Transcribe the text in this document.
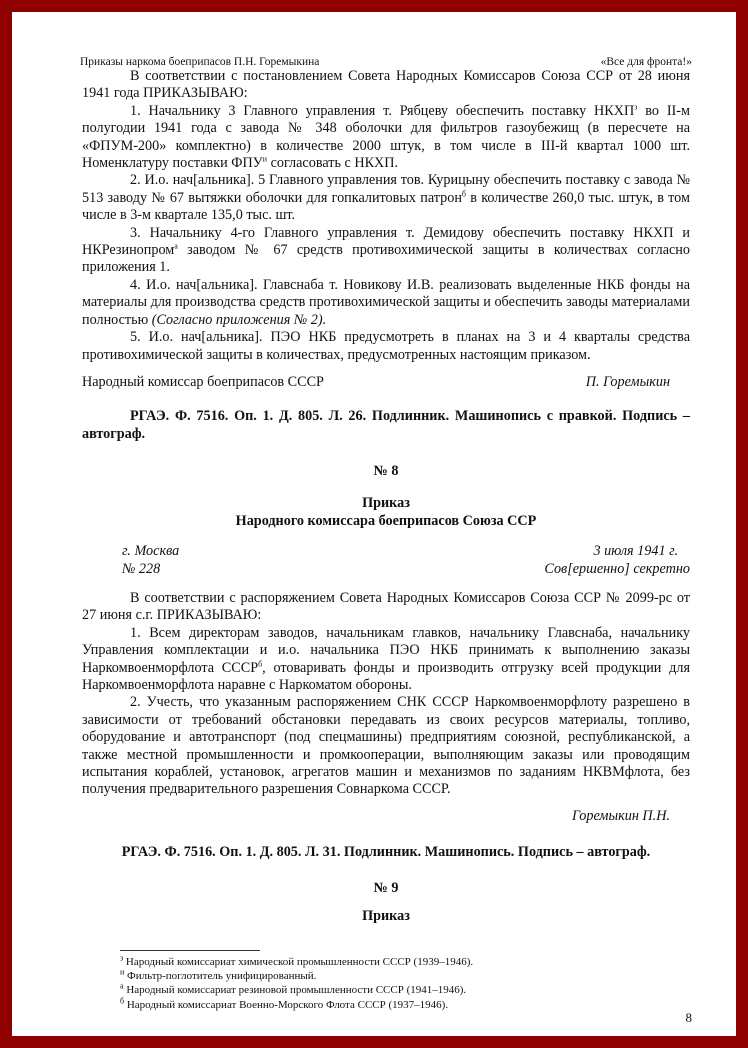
Приказы наркома боеприпасов П.Н. Горемыкина	«Все для фронта!»

В соответствии с постановлением Совета Народных Комиссаров Союза ССР от 28 июня 1941 года ПРИКАЗЫВАЮ:

1. Начальнику 3 Главного управления т. Рябцеву обеспечить поставку $НКХП^з$ во II-м полугодии 1941 года с завода № 348 оболочки для фильтров газоубежищ (в пересчете на «ФПУМ-200» комплектно) в количестве 2000 штук, в том числе в III-й квартал 1000 шт. Номенклатуру поставки $ФПУ^и$ согласовать с НКХП.

2. И.о. нач[альника]. 5 Главного управления тов. Курицыну обеспечить поставку с завода № 513 заводу № 67 вытяжки оболочки для гопкалитовых патрон$^б$ в количестве 260,0 тыс. штук, в том числе в 3-м квартале 135,0 тыс. шт.

3. Начальнику 4-го Главного управления т. Демидову обеспечить поставку НКХП и НКРезинопром$^а$ заводом № 67 средств противохимической защиты в количествах согласно приложения 1.

4. И.о. нач[альника]. Главснаба т. Новикову И.В. реализовать выделенные НКБ фонды на материалы для производства средств противохимической защиты и обеспечить заводы материалами полностью (Согласно приложения № 2).

5. И.о. нач[альника]. ПЭО НКБ предусмотреть в планах на 3 и 4 кварталы средства противохимической защиты в количествах, предусмотренных настоящим приказом.

Народный комиссар боеприпасов СССР	П. Горемыкин
РГАЭ. Ф. 7516. Оп. 1. Д. 805. Л. 26. Подлинник. Машинопись с правкой. Подпись – автограф.
№ 8
Приказ
Народного комиссара боеприпасов Союза ССР
г. Москва	3 июля 1941 г.
№ 228	Сов[ершенно] секретно

В соответствии с распоряжением Совета Народных Комиссаров Союза ССР № 2099-рс от 27 июня с.г. ПРИКАЗЫВАЮ:

1. Всем директорам заводов, начальникам главков, начальнику Главснаба, начальнику Управления комплектации и и.о. начальника ПЭО НКБ принимать к выполнению заказы Наркомвоенморфлота $СССР^б$, отоваривать фонды и производить отгрузку всей продукции для Наркомвоенморфлота наравне с Наркоматом обороны.

2. Учесть, что указанным распоряжением СНК СССР Наркомвоенморфлоту разрешено в зависимости от требований обстановки передавать из своих ресурсов материалы, топливо, оборудование и автотранспорт (под спецмашины) предприятиям союзной, республиканской, а также местной промышленности и промкооперации, выполняющим заказы или проводящим испытания кораблей, установок, агрегатов машин и механизмов по заданиям НКВМфлота, без получения предварительного разрешения Совнаркома СССР.

Горемыкин П.Н.
РГАЭ. Ф. 7516. Оп. 1. Д. 805. Л. 31. Подлинник. Машинопись. Подпись – автограф.
№ 9
Приказ
$^з$ Народный комиссариат химической промышленности СССР (1939–1946).
$^и$ Фильтр-поглотитель унифицированный.
$^а$ Народный комиссариат резиновой промышленности СССР (1941–1946).
$^б$ Народный комиссариат Военно-Морского Флота СССР (1937–1946).
8
